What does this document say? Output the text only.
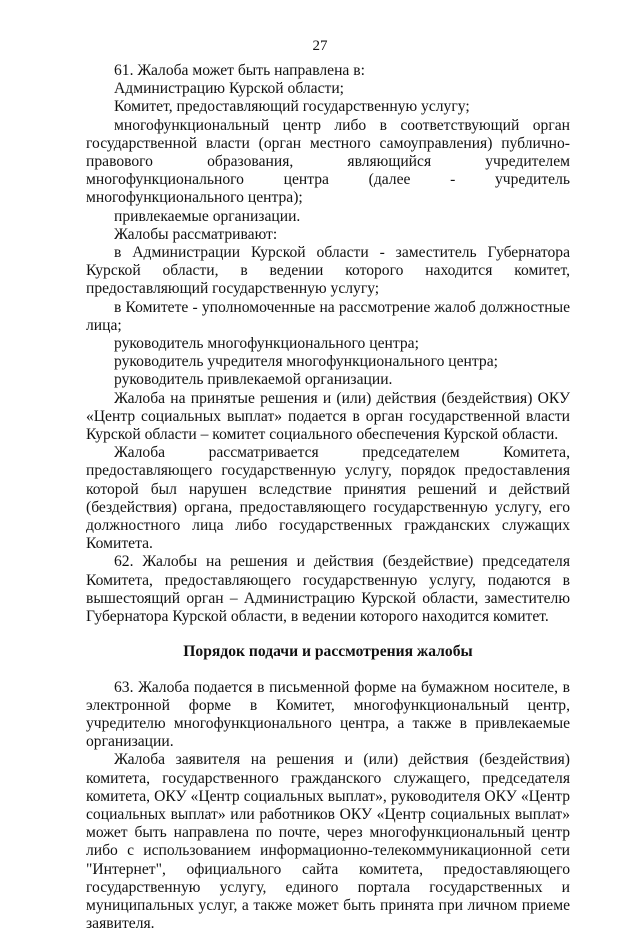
27

61. Жалоба может быть направлена в:

Администрацию Курской области;

Комитет, предоставляющий государственную услугу;

многофункциональный центр либо в соответствующий орган государственной власти (орган местного самоуправления) публично-правового образования, являющийся учредителем многофункционального центра (далее - учредитель многофункционального центра);

привлекаемые организации.

Жалобы рассматривают:

в Администрации Курской области - заместитель Губернатора Курской области, в ведении которого находится комитет, предоставляющий государственную услугу;

в Комитете - уполномоченные на рассмотрение жалоб должностные лица;

руководитель многофункционального центра;

руководитель учредителя многофункционального центра;

руководитель привлекаемой организации.

Жалоба на принятые решения и (или) действия (бездействия) ОКУ «Центр социальных выплат» подается в орган государственной власти Курской области – комитет социального обеспечения Курской области.

Жалоба рассматривается председателем Комитета, предоставляющего государственную услугу, порядок предоставления которой был нарушен вследствие принятия решений и действий (бездействия) органа, предоставляющего государственную услугу, его должностного лица либо государственных гражданских служащих Комитета.

62. Жалобы на решения и действия (бездействие) председателя Комитета, предоставляющего государственную услугу, подаются в вышестоящий орган – Администрацию Курской области, заместителю Губернатора Курской области, в ведении которого находится комитет.

Порядок подачи и рассмотрения жалобы

63. Жалоба подается в письменной форме на бумажном носителе, в электронной форме в Комитет, многофункциональный центр, учредителю многофункционального центра, а также в привлекаемые организации.

Жалоба заявителя на решения и (или) действия (бездействия) комитета, государственного гражданского служащего, председателя комитета, ОКУ «Центр социальных выплат», руководителя ОКУ «Центр социальных выплат» или работников ОКУ «Центр социальных выплат» может быть направлена по почте, через многофункциональный центр либо с использованием информационно-телекоммуникационной сети "Интернет", официального сайта комитета, предоставляющего государственную услугу, единого портала государственных и муниципальных услуг, а также может быть принята при личном приеме заявителя.
